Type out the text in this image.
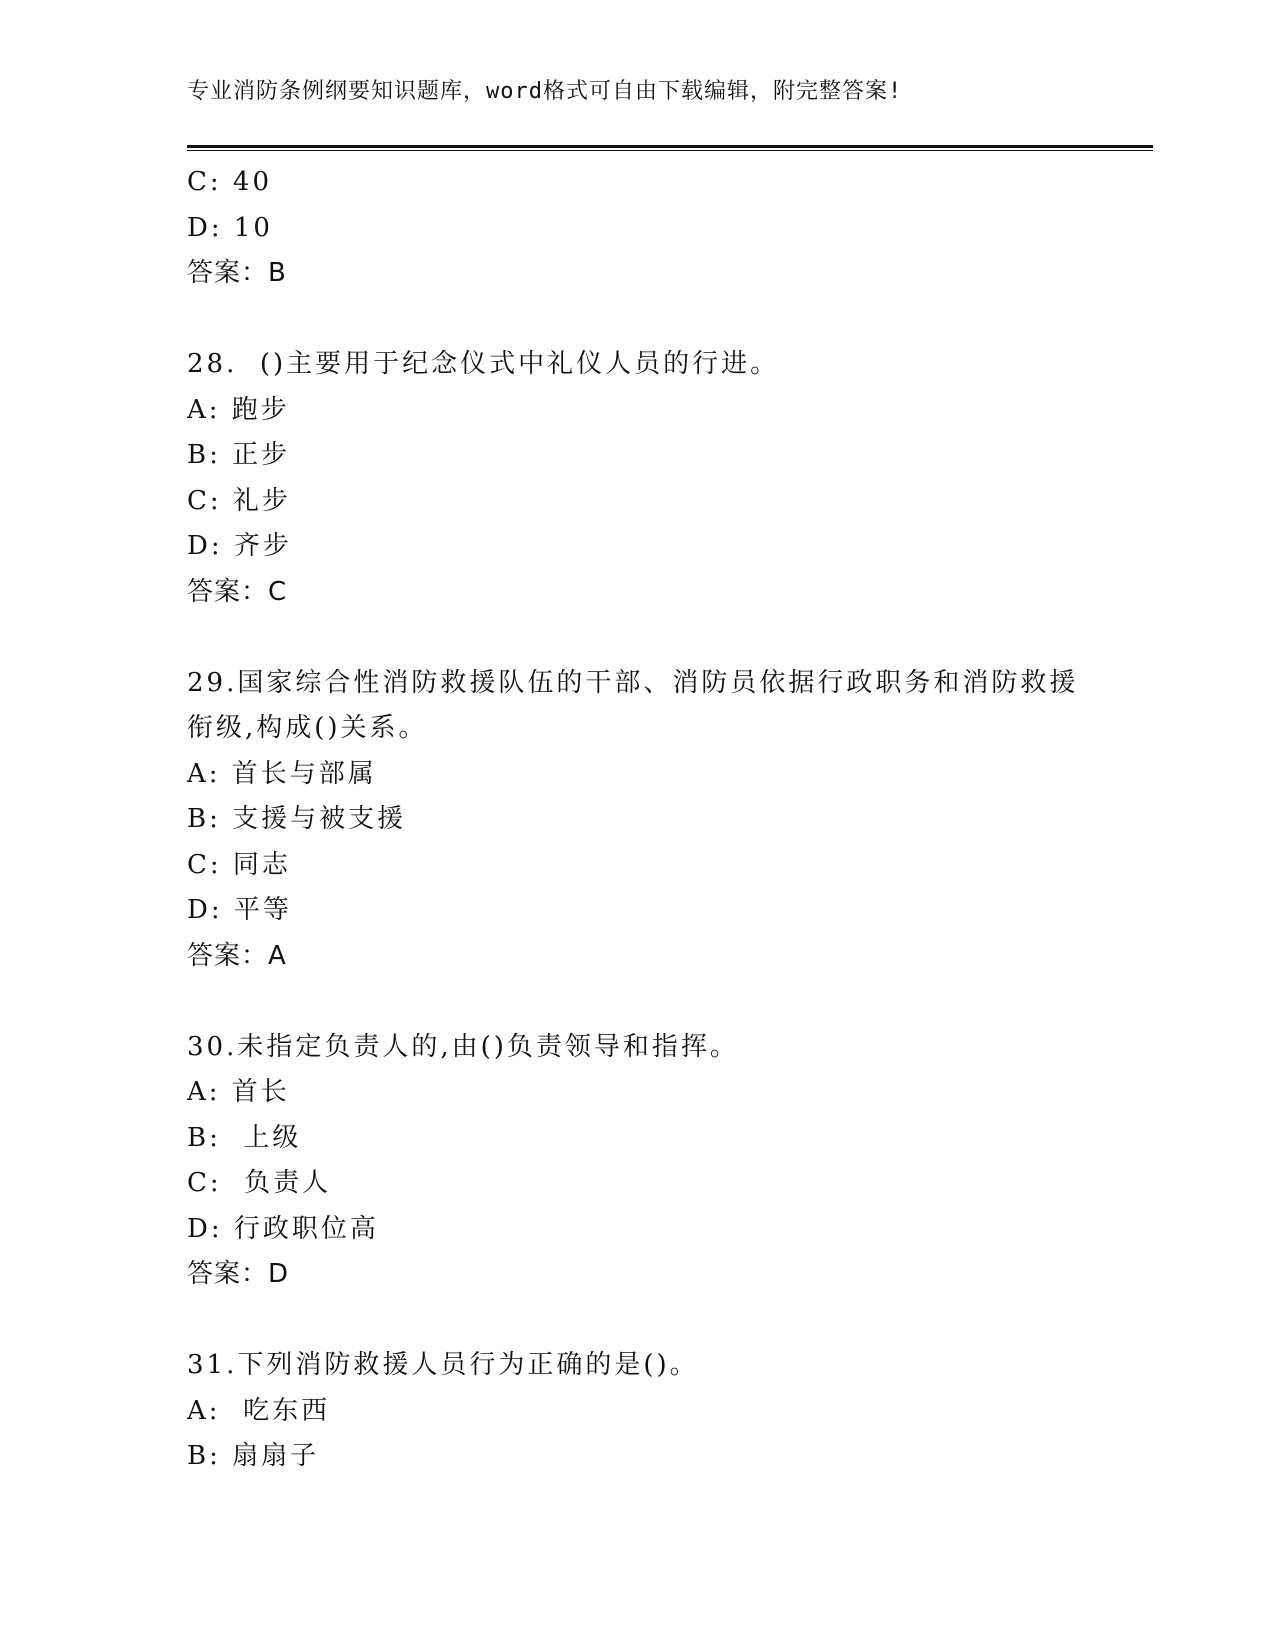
专业消防条例纲要知识题库，word格式可自由下载编辑，附完整答案!
C: 40
D: 10
答案：B
28.  ()主要用于纪念仪式中礼仪人员的行进。
A: 跑步
B: 正步
C: 礼步
D: 齐步
答案：C
29.国家综合性消防救援队伍的干部、消防员依据行政职务和消防救援
衔级,构成()关系。
A: 首长与部属
B: 支援与被支援
C: 同志
D: 平等
答案：A
30.未指定负责人的,由()负责领导和指挥。
A: 首长
B:  上级
C:  负责人
D: 行政职位高
答案：D
31.下列消防救援人员行为正确的是()。
A:  吃东西
B: 扇扇子
